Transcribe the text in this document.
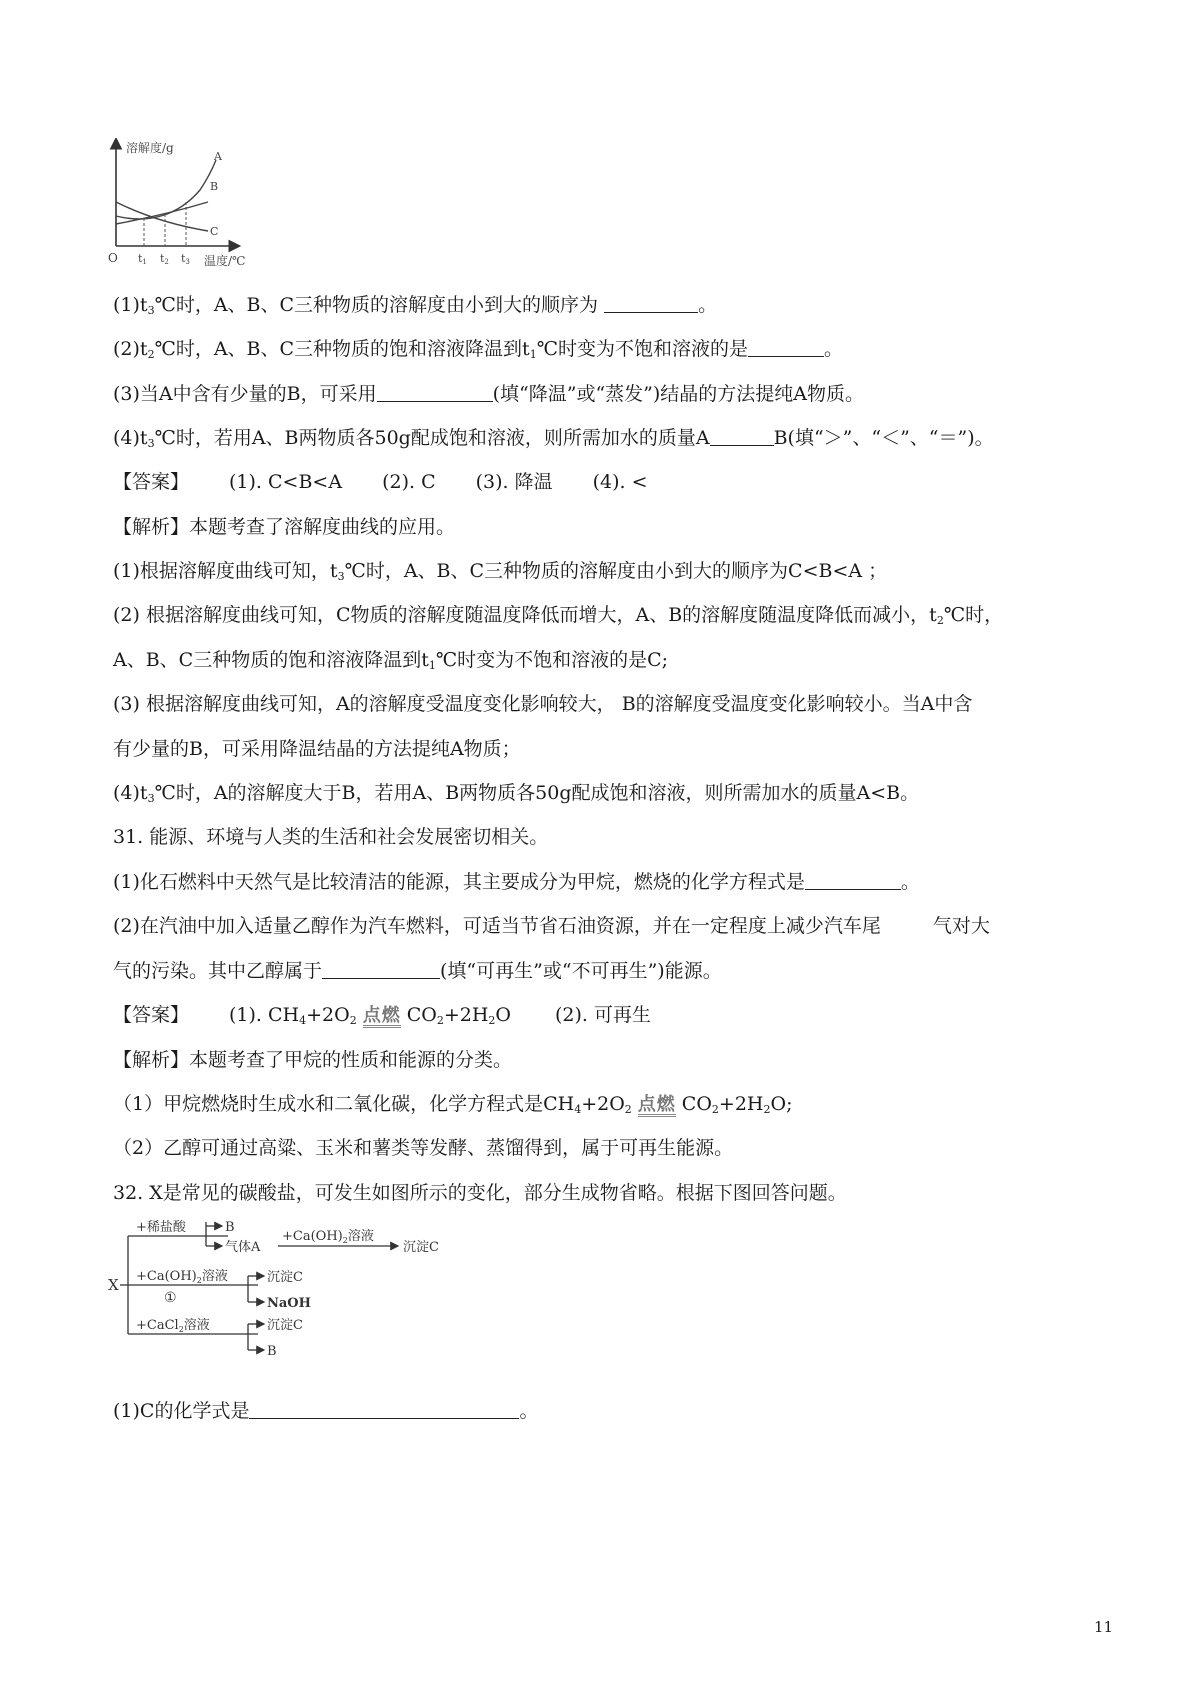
溶解度/g
温度/℃
O
A
B
C
t1 t2 t3
$(1)t_3℃$时，A、B、C三种物质的溶解度由小到大的顺序为	。
$(2)t_2℃$时，A、B、C三种物质的饱和溶液降温到$t_1℃$时变为不饱和溶液的是	。
(3)当A中含有少量的B，可采用	(填“降温”或“蒸发”)结晶的方法提纯A物质。
$(4)t_3℃$时，若用A、B两物质各50g配成饱和溶液，则所需加水的质量A	B(填“＞”、“＜”、“＝”)。
【答案】 (1). C<B<A (2). C (3). 降温 (4). <
【解析】本题考查了溶解度曲线的应用。
(1)根据溶解度曲线可知，$t_3℃$时，A、B、C三种物质的溶解度由小到大的顺序为C<B<A ；
(2) 根据溶解度曲线可知，C物质的溶解度随温度降低而增大，A、B的溶解度随温度降低而减小，$t_2℃$时，
A、B、C三种物质的饱和溶液降温到$t_1℃$时变为不饱和溶液的是C;
(3) 根据溶解度曲线可知，A的溶解度受温度变化影响较大， B的溶解度受温度变化影响较小。当A中含
有少量的B，可采用降温结晶的方法提纯A物质；
$(4)t_3℃$时，A的溶解度大于B，若用A、B两物质各50g配成饱和溶液，则所需加水的质量A<B。
31. 能源、环境与人类的生活和社会发展密切相关。
(1)化石燃料中天然气是比较清洁的能源，其主要成分为甲烷，燃烧的化学方程式是	。
(2)在汽油中加入适量乙醇作为汽车燃料，可适当节省石油资源，并在一定程度上减少汽车尾	气对大
气的污染。其中乙醇属于	(填“可再生”或“不可再生”)能源。
【答案】 (1). $CH_4+2O_2$ 点燃 $CO_2+2H_2O$ (2). 可再生
【解析】本题考查了甲烷的性质和能源的分类。
（1）甲烷燃烧时生成水和二氧化碳，化学方程式是$CH_4+2O_2$ 点燃 $CO_2+2H_2O$;
（2）乙醇可通过高粱、玉米和薯类等发酵、蒸馏得到，属于可再生能源。
32. X是常见的碳酸盐，可发生如图所示的变化，部分生成物省略。根据下图回答问题。
X
+稀盐酸	B
气体A
$+Ca(OH)_2$溶液
沉淀C
$+Ca(OH)_2$溶液
①
沉淀C
NaOH
+CaCl$_2$溶液	沉淀C
B
(1)C的化学式是	。
11
